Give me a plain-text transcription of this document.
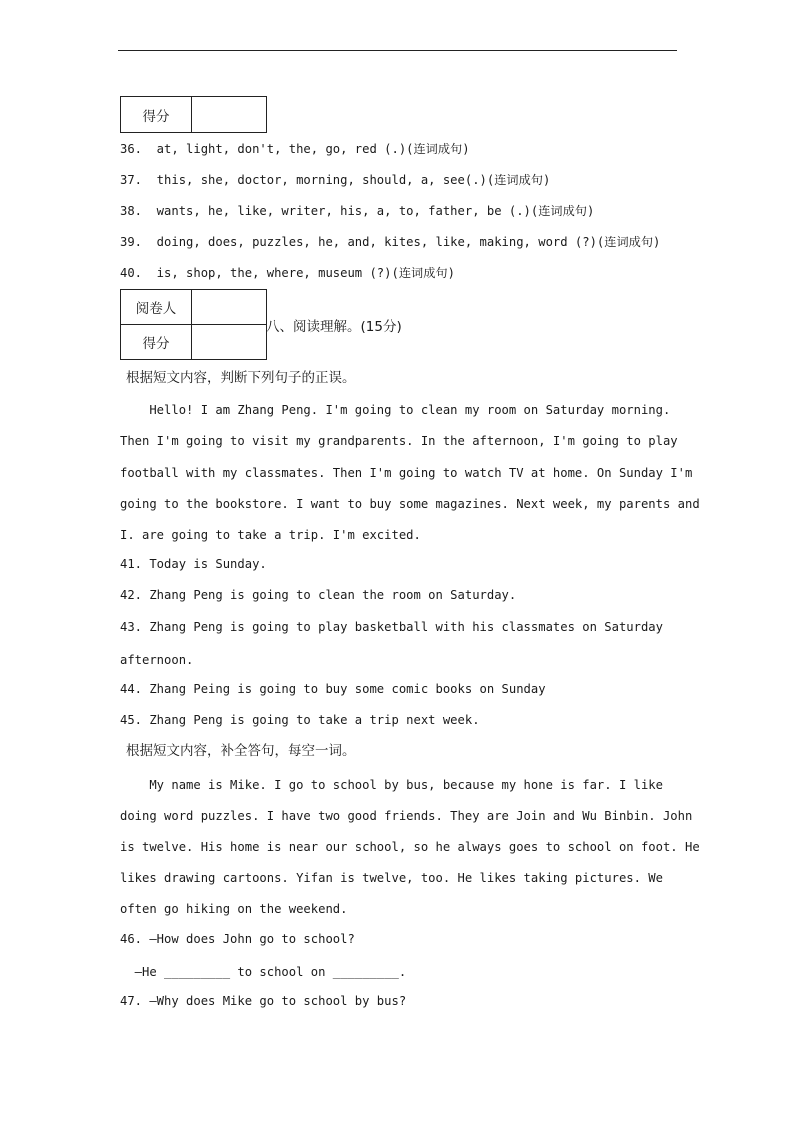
得分	
36.  at, light, don't, the, go, red (.)(连词成句)
37.  this, she, doctor, morning, should, a, see(.)(连词成句)
38.  wants, he, like, writer, his, a, to, father, be (.)(连词成句)
39.  doing, does, puzzles, he, and, kites, like, making, word (?)(连词成句)
40.  is, shop, the, where, museum (?)(连词成句)
阅卷人	
得分	
八、阅读理解。(15分)
根据短文内容，判断下列句子的正误。
Hello! I am Zhang Peng. I'm going to clean my room on Saturday morning.
Then I'm going to visit my grandparents. In the afternoon, I'm going to play
football with my classmates. Then I'm going to watch TV at home. On Sunday I'm
going to the bookstore. I want to buy some magazines. Next week, my parents and
I. are going to take a trip. I'm excited.
41. Today is Sunday.
42. Zhang Peng is going to clean the room on Saturday.
43. Zhang Peng is going to play basketball with his classmates on Saturday
afternoon.
44. Zhang Peing is going to buy some comic books on Sunday
45. Zhang Peng is going to take a trip next week.
根据短文内容，补全答句，每空一词。
My name is Mike. I go to school by bus, because my hone is far. I like
doing word puzzles. I have two good friends. They are Join and Wu Binbin. John
is twelve. His home is near our school, so he always goes to school on foot. He
likes drawing cartoons. Yifan is twelve, too. He likes taking pictures. We
often go hiking on the weekend.
46. —How does John go to school?
—He _________ to school on _________.
47. —Why does Mike go to school by bus?
